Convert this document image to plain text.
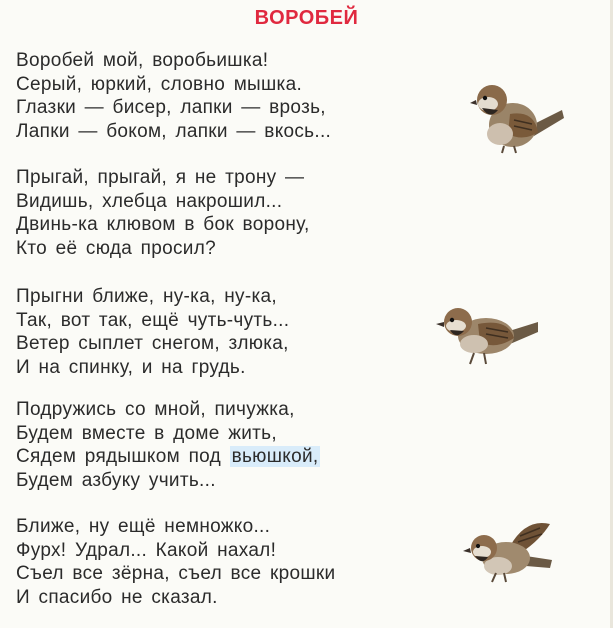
ВОРОБЕЙ
Воробей мой, воробьишка!
Серый, юркий, словно мышка.
Глазки — бисер, лапки — врозь,
Лапки — боком, лапки — вкось...
Прыгай, прыгай, я не трону —
Видишь, хлебца накрошил...
Двинь-ка клювом в бок ворону,
Кто её сюда просил?
Прыгни ближе, ну-ка, ну-ка,
Так, вот так, ещё чуть-чуть...
Ветер сыплет снегом, злюка,
И на спинку, и на грудь.
Подружись со мной, пичужка,
Будем вместе в доме жить,
Сядем рядышком под вьюшкой,
Будем азбуку учить...
Ближе, ну ещё немножко...
Фурх! Удрал... Какой нахал!
Съел все зёрна, съел все крошки
И спасибо не сказал.
